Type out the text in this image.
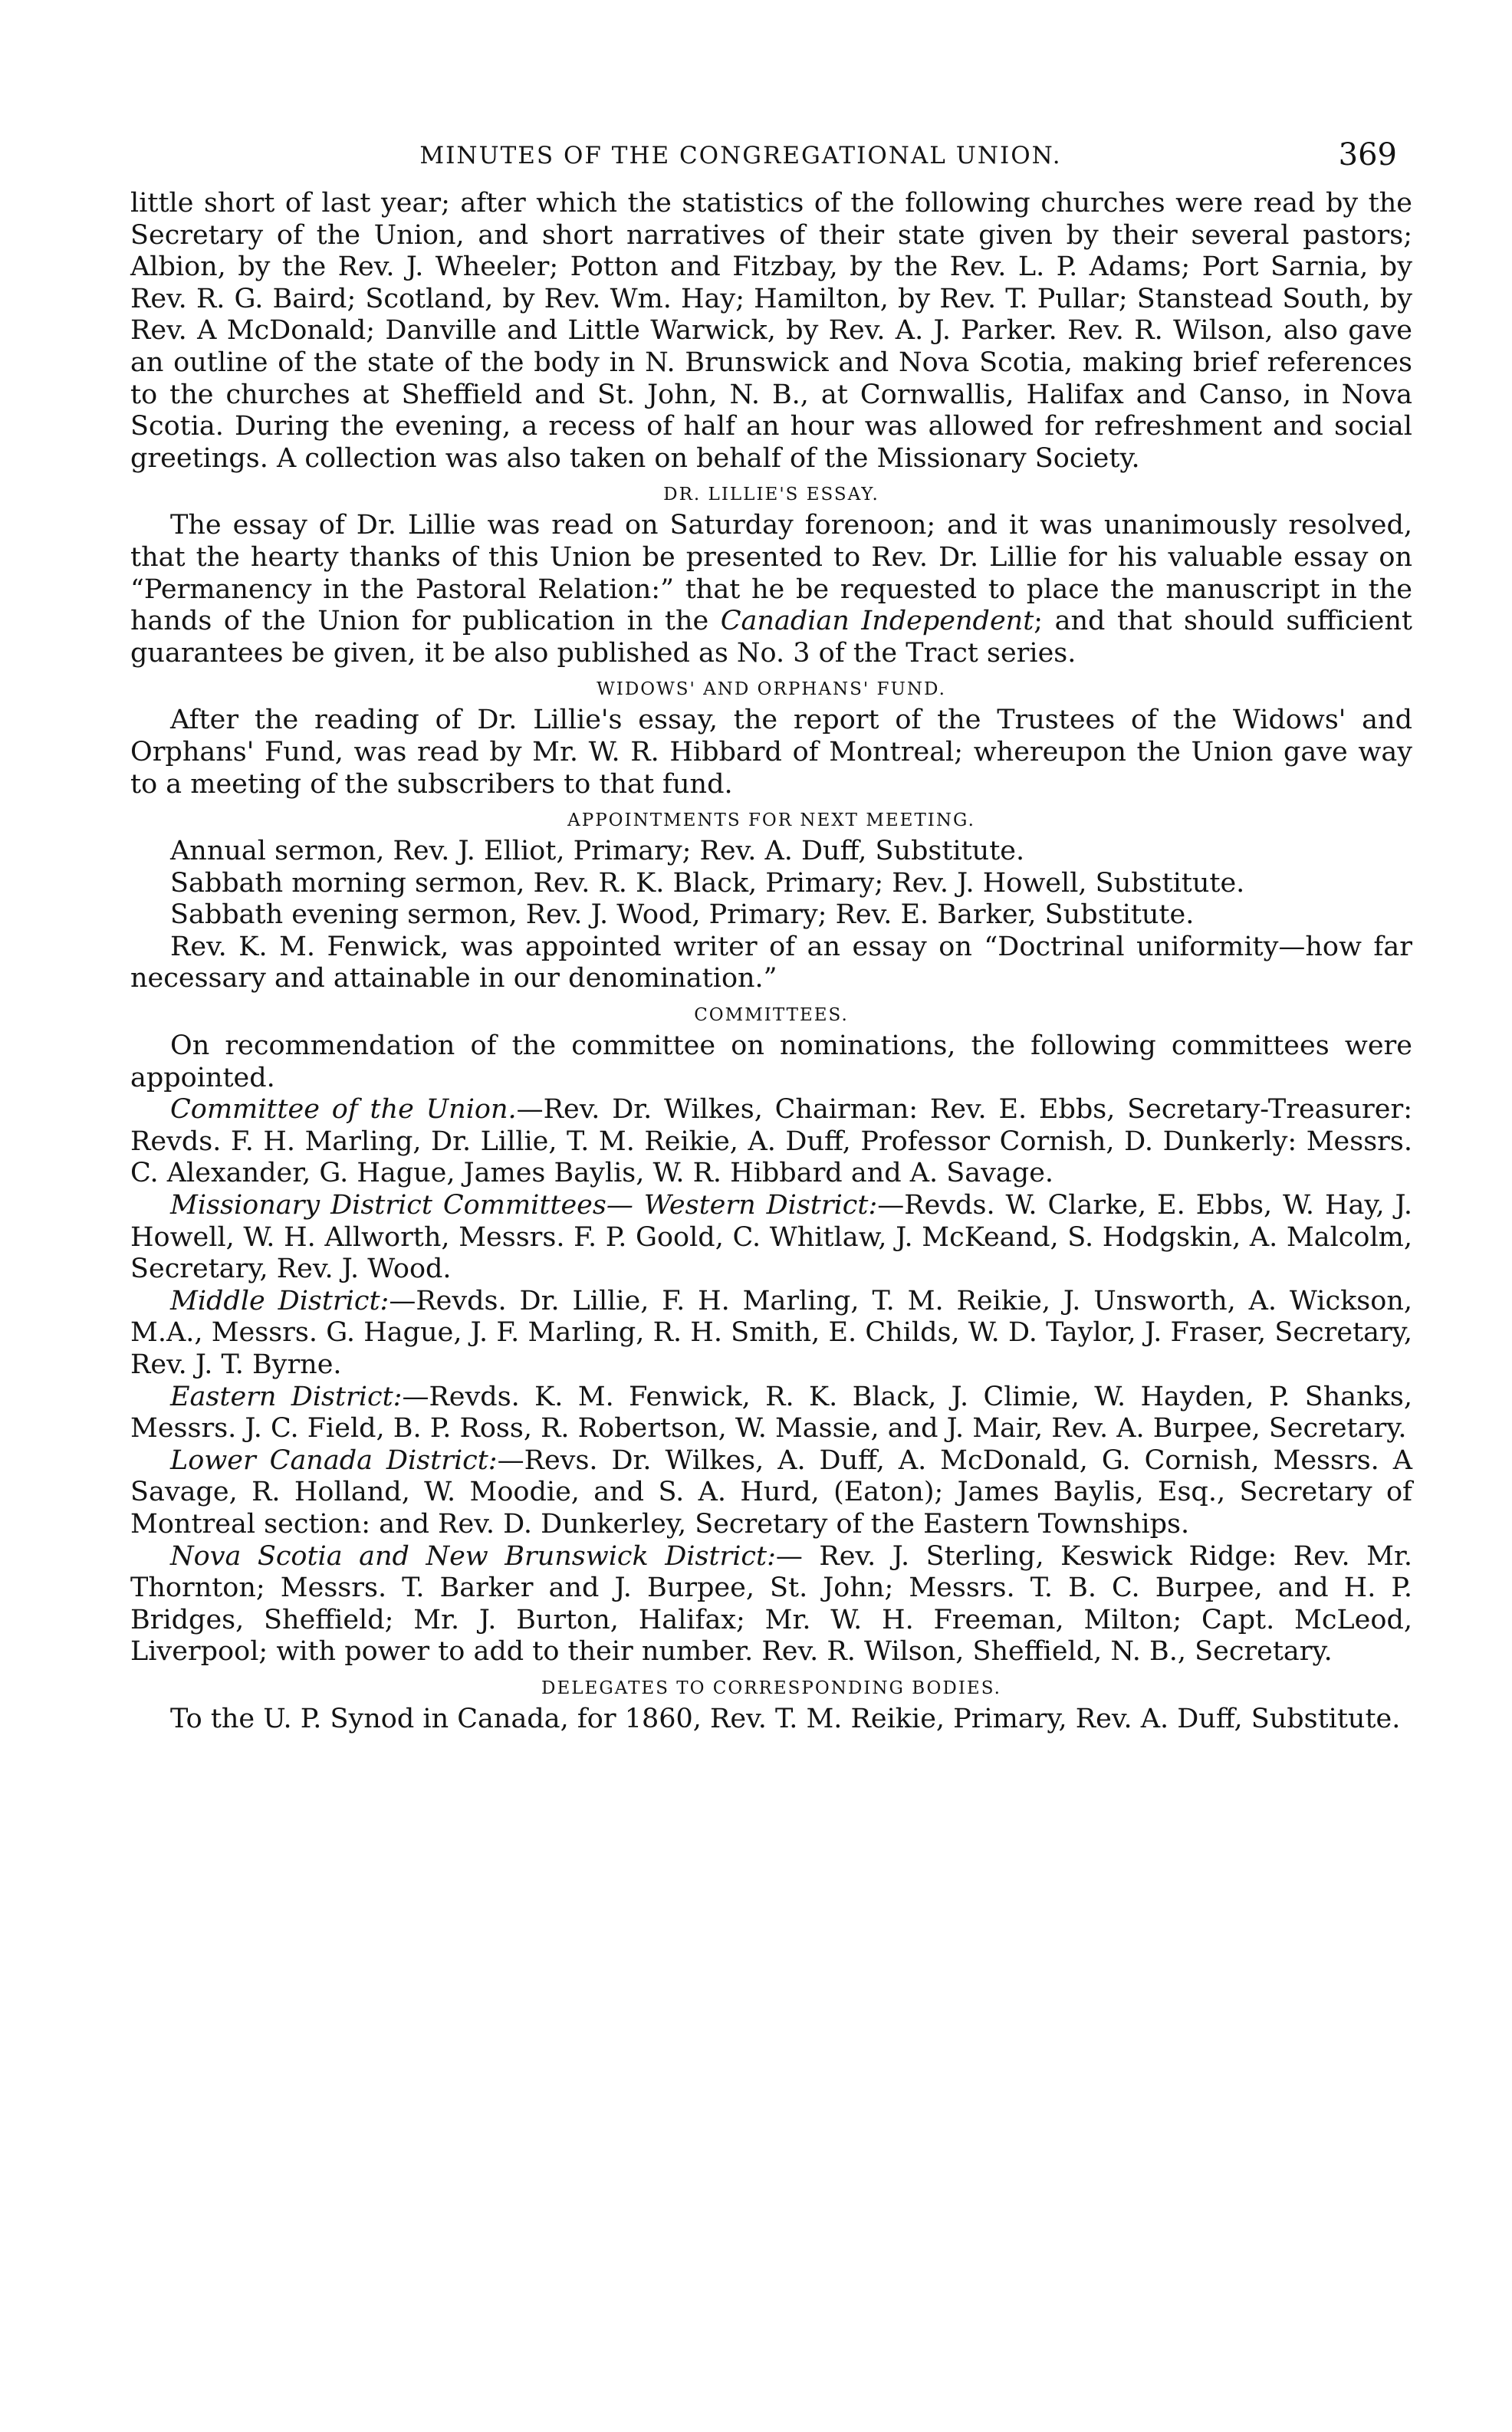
MINUTES OF THE CONGREGATIONAL UNION.	369

little short of last year; after which the statistics of the following churches were read by the Secretary of the Union, and short narratives of their state given by their several pastors; Albion, by the Rev. J. Wheeler; Potton and Fitzbay, by the Rev. L. P. Adams; Port Sarnia, by Rev. R. G. Baird; Scotland, by Rev. Wm. Hay; Hamilton, by Rev. T. Pullar; Stanstead South, by Rev. A McDonald; Danville and Little Warwick, by Rev. A. J. Parker. Rev. R. Wilson, also gave an outline of the state of the body in N. Brunswick and Nova Scotia, making brief references to the churches at Sheffield and St. John, N. B., at Cornwallis, Halifax and Canso, in Nova Scotia. During the evening, a recess of half an hour was allowed for refreshment and social greetings. A collection was also taken on behalf of the Missionary Society.

DR. LILLIE'S ESSAY.

The essay of Dr. Lillie was read on Saturday forenoon; and it was unanimously resolved, that the hearty thanks of this Union be presented to Rev. Dr. Lillie for his valuable essay on “Permanency in the Pastoral Relation:” that he be requested to place the manuscript in the hands of the Union for publication in the Canadian Independent; and that should sufficient guarantees be given, it be also published as No. 3 of the Tract series.

WIDOWS' AND ORPHANS' FUND.

After the reading of Dr. Lillie's essay, the report of the Trustees of the Widows' and Orphans' Fund, was read by Mr. W. R. Hibbard of Montreal; whereupon the Union gave way to a meeting of the subscribers to that fund.

APPOINTMENTS FOR NEXT MEETING.

Annual sermon, Rev. J. Elliot, Primary; Rev. A. Duff, Substitute.

Sabbath morning sermon, Rev. R. K. Black, Primary; Rev. J. Howell, Substitute.

Sabbath evening sermon, Rev. J. Wood, Primary; Rev. E. Barker, Substitute.

Rev. K. M. Fenwick, was appointed writer of an essay on “Doctrinal uniformity—how far necessary and attainable in our denomination.”

COMMITTEES.

On recommendation of the committee on nominations, the following committees were appointed.

Committee of the Union.—Rev. Dr. Wilkes, Chairman: Rev. E. Ebbs, Secretary-Treasurer: Revds. F. H. Marling, Dr. Lillie, T. M. Reikie, A. Duff, Professor Cornish, D. Dunkerly: Messrs. C. Alexander, G. Hague, James Baylis, W. R. Hibbard and A. Savage.

Missionary District Committees— Western District:—Revds. W. Clarke, E. Ebbs, W. Hay, J. Howell, W. H. Allworth, Messrs. F. P. Goold, C. Whitlaw, J. McKeand, S. Hodgskin, A. Malcolm, Secretary, Rev. J. Wood.

Middle District:—Revds. Dr. Lillie, F. H. Marling, T. M. Reikie, J. Unsworth, A. Wickson, M.A., Messrs. G. Hague, J. F. Marling, R. H. Smith, E. Childs, W. D. Taylor, J. Fraser, Secretary, Rev. J. T. Byrne.

Eastern District:—Revds. K. M. Fenwick, R. K. Black, J. Climie, W. Hayden, P. Shanks, Messrs. J. C. Field, B. P. Ross, R. Robertson, W. Massie, and J. Mair, Rev. A. Burpee, Secretary.

Lower Canada District:—Revs. Dr. Wilkes, A. Duff, A. McDonald, G. Cornish, Messrs. A Savage, R. Holland, W. Moodie, and S. A. Hurd, (Eaton); James Baylis, Esq., Secretary of Montreal section: and Rev. D. Dunkerley, Secretary of the Eastern Townships.

Nova Scotia and New Brunswick District:— Rev. J. Sterling, Keswick Ridge: Rev. Mr. Thornton; Messrs. T. Barker and J. Burpee, St. John; Messrs. T. B. C. Burpee, and H. P. Bridges, Sheffield; Mr. J. Burton, Halifax; Mr. W. H. Freeman, Milton; Capt. McLeod, Liverpool; with power to add to their number. Rev. R. Wilson, Sheffield, N. B., Secretary.

DELEGATES TO CORRESPONDING BODIES.

To the U. P. Synod in Canada, for 1860, Rev. T. M. Reikie, Primary, Rev. A. Duff, Substitute.
